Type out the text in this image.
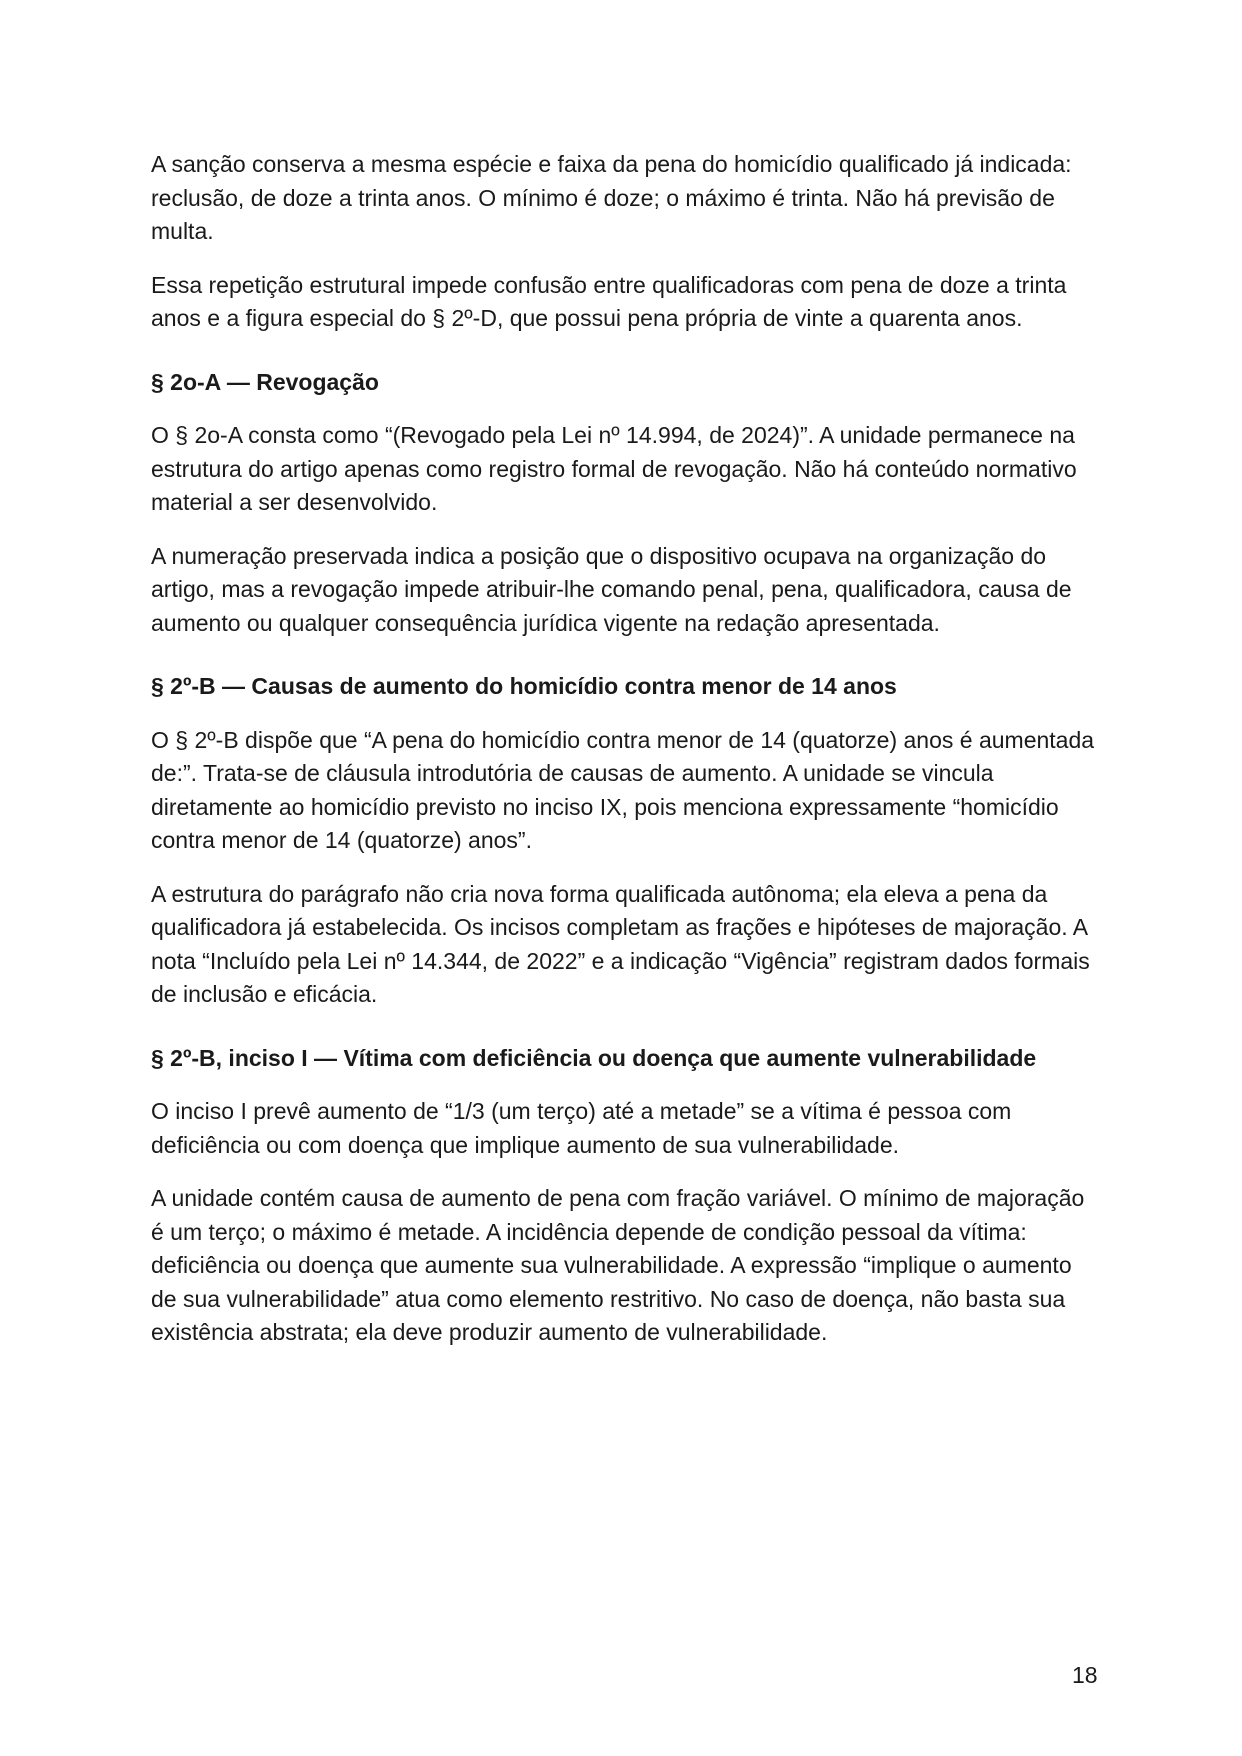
A sanção conserva a mesma espécie e faixa da pena do homicídio qualificado já indicada: reclusão, de doze a trinta anos. O mínimo é doze; o máximo é trinta. Não há previsão de multa.

Essa repetição estrutural impede confusão entre qualificadoras com pena de doze a trinta anos e a figura especial do § 2º-D, que possui pena própria de vinte a quarenta anos.

§ 2o-A — Revogação

O § 2o-A consta como “(Revogado pela Lei nº 14.994, de 2024)”. A unidade permanece na estrutura do artigo apenas como registro formal de revogação. Não há conteúdo normativo material a ser desenvolvido.

A numeração preservada indica a posição que o dispositivo ocupava na organização do artigo, mas a revogação impede atribuir-lhe comando penal, pena, qualificadora, causa de aumento ou qualquer consequência jurídica vigente na redação apresentada.

§ 2º-B — Causas de aumento do homicídio contra menor de 14 anos

O § 2º-B dispõe que “A pena do homicídio contra menor de 14 (quatorze) anos é aumentada de:”. Trata-se de cláusula introdutória de causas de aumento. A unidade se vincula diretamente ao homicídio previsto no inciso IX, pois menciona expressamente “homicídio contra menor de 14 (quatorze) anos”.

A estrutura do parágrafo não cria nova forma qualificada autônoma; ela eleva a pena da qualificadora já estabelecida. Os incisos completam as frações e hipóteses de majoração. A nota “Incluído pela Lei nº 14.344, de 2022” e a indicação “Vigência” registram dados formais de inclusão e eficácia.

§ 2º-B, inciso I — Vítima com deficiência ou doença que aumente vulnerabilidade

O inciso I prevê aumento de “1/3 (um terço) até a metade” se a vítima é pessoa com deficiência ou com doença que implique aumento de sua vulnerabilidade.

A unidade contém causa de aumento de pena com fração variável. O mínimo de majoração é um terço; o máximo é metade. A incidência depende de condição pessoal da vítima: deficiência ou doença que aumente sua vulnerabilidade. A expressão “implique o aumento de sua vulnerabilidade” atua como elemento restritivo. No caso de doença, não basta sua existência abstrata; ela deve produzir aumento de vulnerabilidade.

18
